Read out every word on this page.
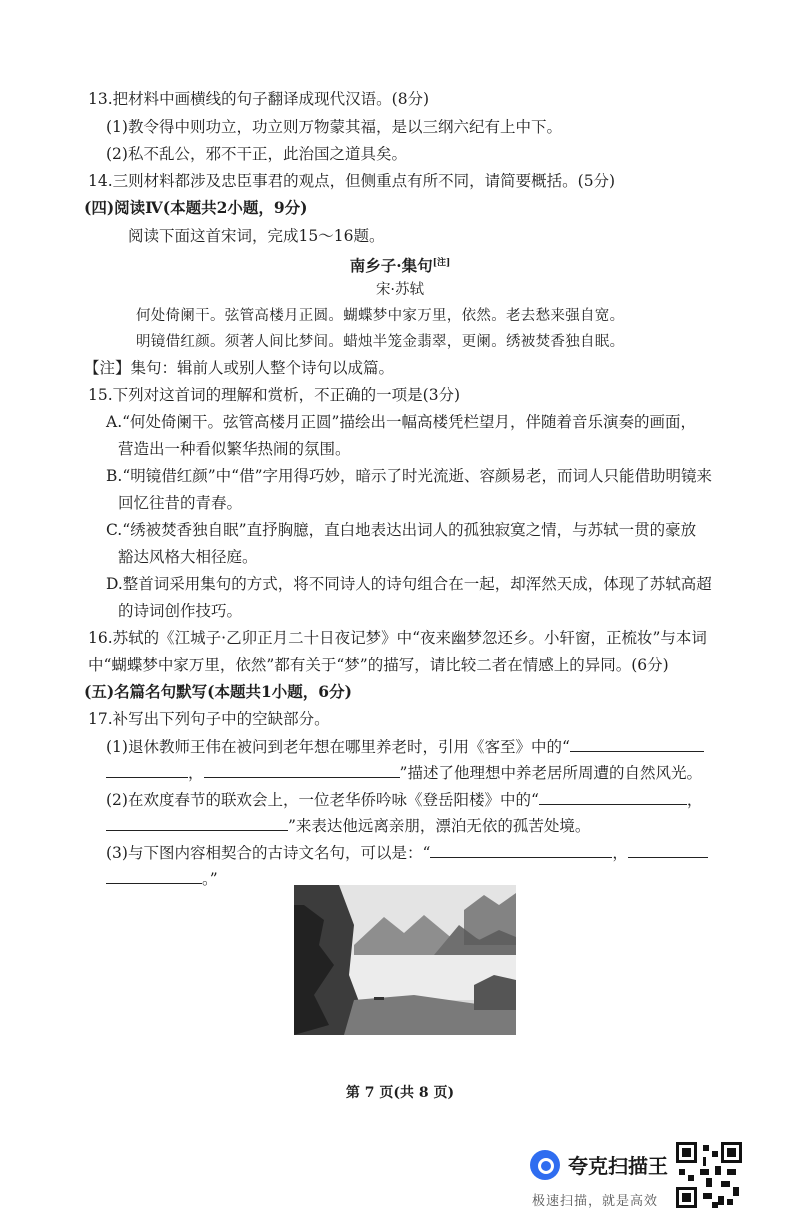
13.把材料中画横线的句子翻译成现代汉语。(8分)
(1)教令得中则功立，功立则万物蒙其福，是以三纲六纪有上中下。
(2)私不乱公，邪不干正，此治国之道具矣。
14.三则材料都涉及忠臣事君的观点，但侧重点有所不同，请简要概括。(5分)
(四)阅读Ⅳ(本题共2小题，9分)
阅读下面这首宋词，完成15～16题。
南乡子·集句[注]
宋·苏轼
何处倚阑干。弦管高楼月正圆。蝴蝶梦中家万里，依然。老去愁来强自宽。
明镜借红颜。须著人间比梦间。蜡烛半笼金翡翠，更阑。绣被焚香独自眠。
【注】集句：辑前人或别人整个诗句以成篇。
15.下列对这首词的理解和赏析，不正确的一项是(3分)
A.“何处倚阑干。弦管高楼月正圆”描绘出一幅高楼凭栏望月，伴随着音乐演奏的画面，
营造出一种看似繁华热闹的氛围。
B.“明镜借红颜”中“借”字用得巧妙，暗示了时光流逝、容颜易老，而词人只能借助明镜来
回忆往昔的青春。
C.“绣被焚香独自眠”直抒胸臆，直白地表达出词人的孤独寂寞之情，与苏轼一贯的豪放
豁达风格大相径庭。
D.整首词采用集句的方式，将不同诗人的诗句组合在一起，却浑然天成，体现了苏轼高超
的诗词创作技巧。
16.苏轼的《江城子·乙卯正月二十日夜记梦》中“夜来幽梦忽还乡。小轩窗，正梳妆”与本词
中“蝴蝶梦中家万里，依然”都有关于“梦”的描写，请比较二者在情感上的异同。(6分)
(五)名篇名句默写(本题共1小题，6分)
17.补写出下列句子中的空缺部分。
(1)退休教师王伟在被问到老年想在哪里养老时，引用《客至》中的“
，	”描述了他理想中养老居所周遭的自然风光。
(2)在欢度春节的联欢会上，一位老华侨吟咏《登岳阳楼》中的“	，
”来表达他远离亲朋，漂泊无依的孤苦处境。
(3)与下图内容相契合的古诗文名句，可以是：“	，
。”
第 7 页(共 8 页)
夸克扫描王
极速扫描，就是高效
